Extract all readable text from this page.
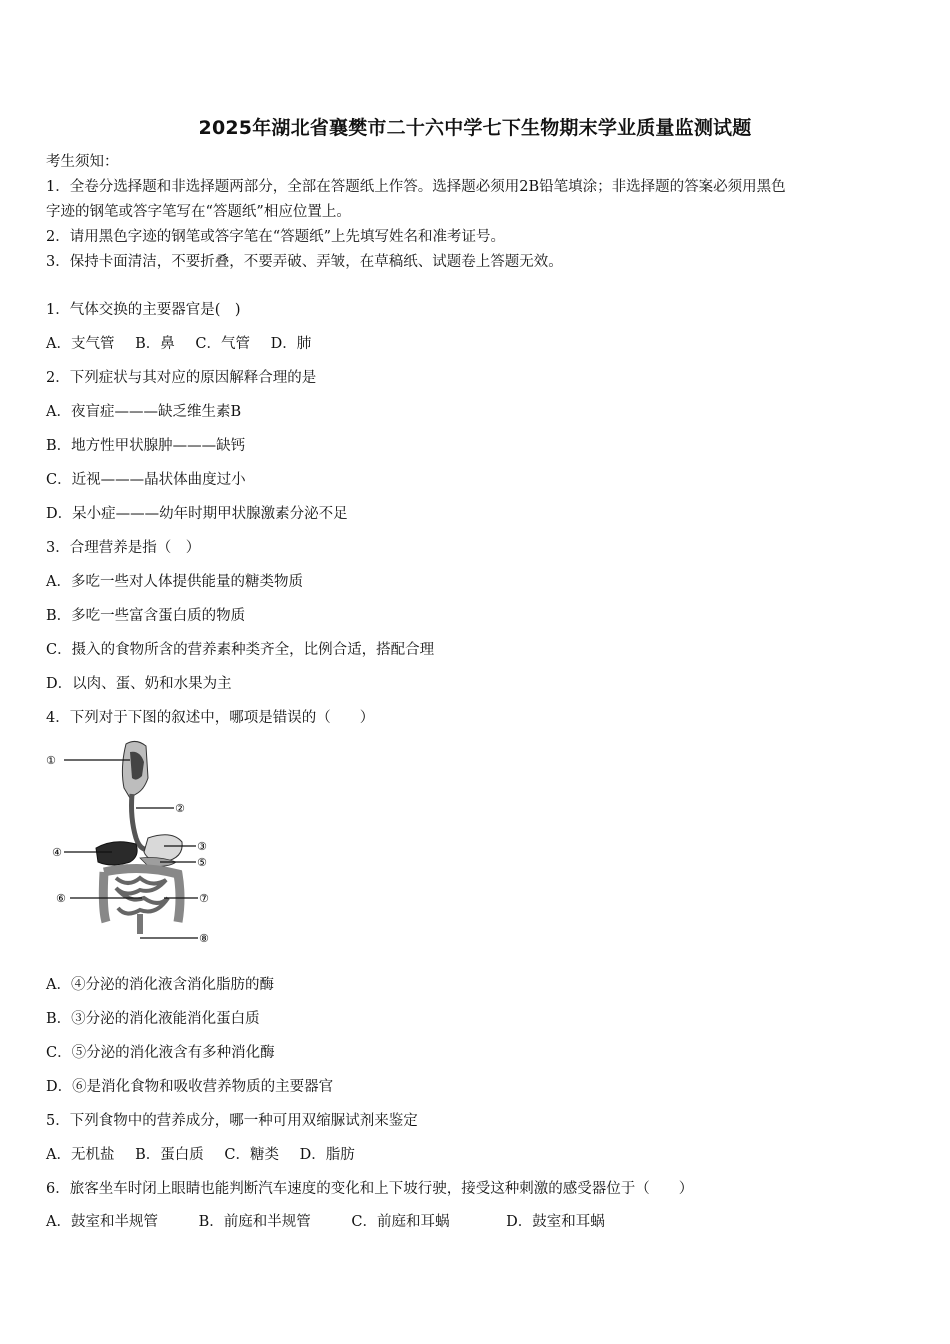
2025年湖北省襄樊市二十六中学七下生物期末学业质量监测试题
考生须知：
1．全卷分选择题和非选择题两部分，全部在答题纸上作答。选择题必须用2B铅笔填涂；非选择题的答案必须用黑色
字迹的钢笔或答字笔写在“答题纸”相应位置上。
2．请用黑色字迹的钢笔或答字笔在“答题纸”上先填写姓名和准考证号。
3．保持卡面清洁，不要折叠，不要弄破、弄皱，在草稿纸、试题卷上答题无效。
1．气体交换的主要器官是(　)
A．支气管 B．鼻 C．气管 D．肺
2．下列症状与其对应的原因解释合理的是
A．夜盲症———缺乏维生素B
B．地方性甲状腺肿———缺钙
C．近视———晶状体曲度过小
D．呆小症———幼年时期甲状腺激素分泌不足
3．合理营养是指（　）
A．多吃一些对人体提供能量的糖类物质
B．多吃一些富含蛋白质的物质
C．摄入的食物所含的营养素种类齐全，比例合适，搭配合理
D．以肉、蛋、奶和水果为主
4．下列对于下图的叙述中，哪项是错误的（　　）
①
②
③
④
⑤
⑥	⑦
⑧
A．④分泌的消化液含消化脂肪的酶
B．③分泌的消化液能消化蛋白质
C．⑤分泌的消化液含有多种消化酶
D．⑥是消化食物和吸收营养物质的主要器官
5．下列食物中的营养成分，哪一种可用双缩脲试剂来鉴定
A．无机盐 B．蛋白质 C．糖类 D．脂肪
6．旅客坐车时闭上眼睛也能判断汽车速度的变化和上下坡行驶，接受这种刺激的感受器位于（　　）
A．鼓室和半规管	B．前庭和半规管	C．前庭和耳蜗	D．鼓室和耳蜗
